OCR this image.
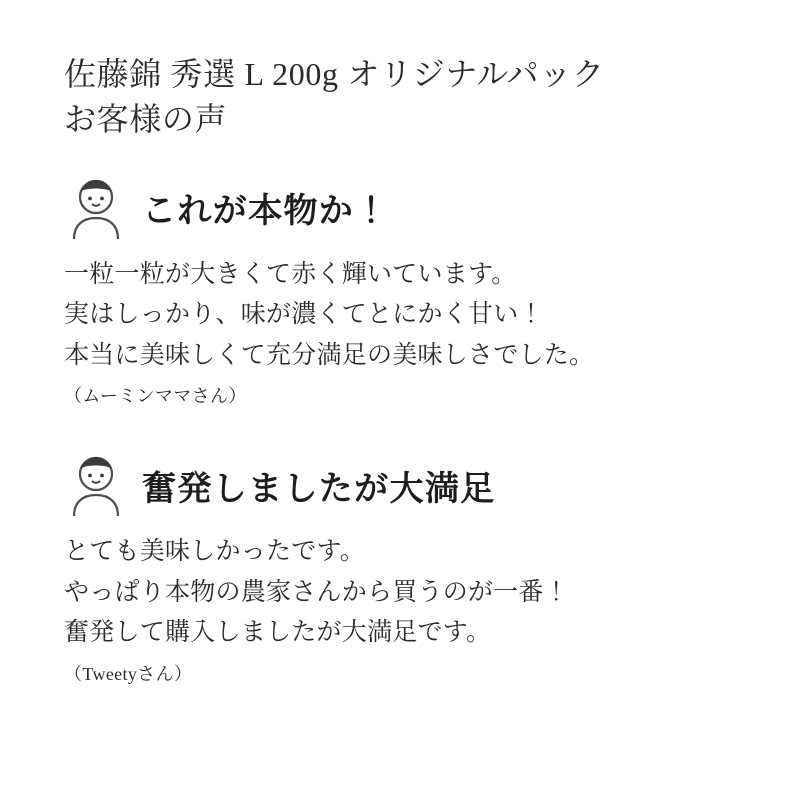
佐藤錦 秀選 L 200g オリジナルパック
お客様の声
これが本物か！
一粒一粒が大きくて赤く輝いています。
実はしっかり、味が濃くてとにかく甘い！
本当に美味しくて充分満足の美味しさでした。
（ムーミンママさん）
奮発しましたが大満足
とても美味しかったです。
やっぱり本物の農家さんから買うのが一番！
奮発して購入しましたが大満足です。
（Tweetyさん）
